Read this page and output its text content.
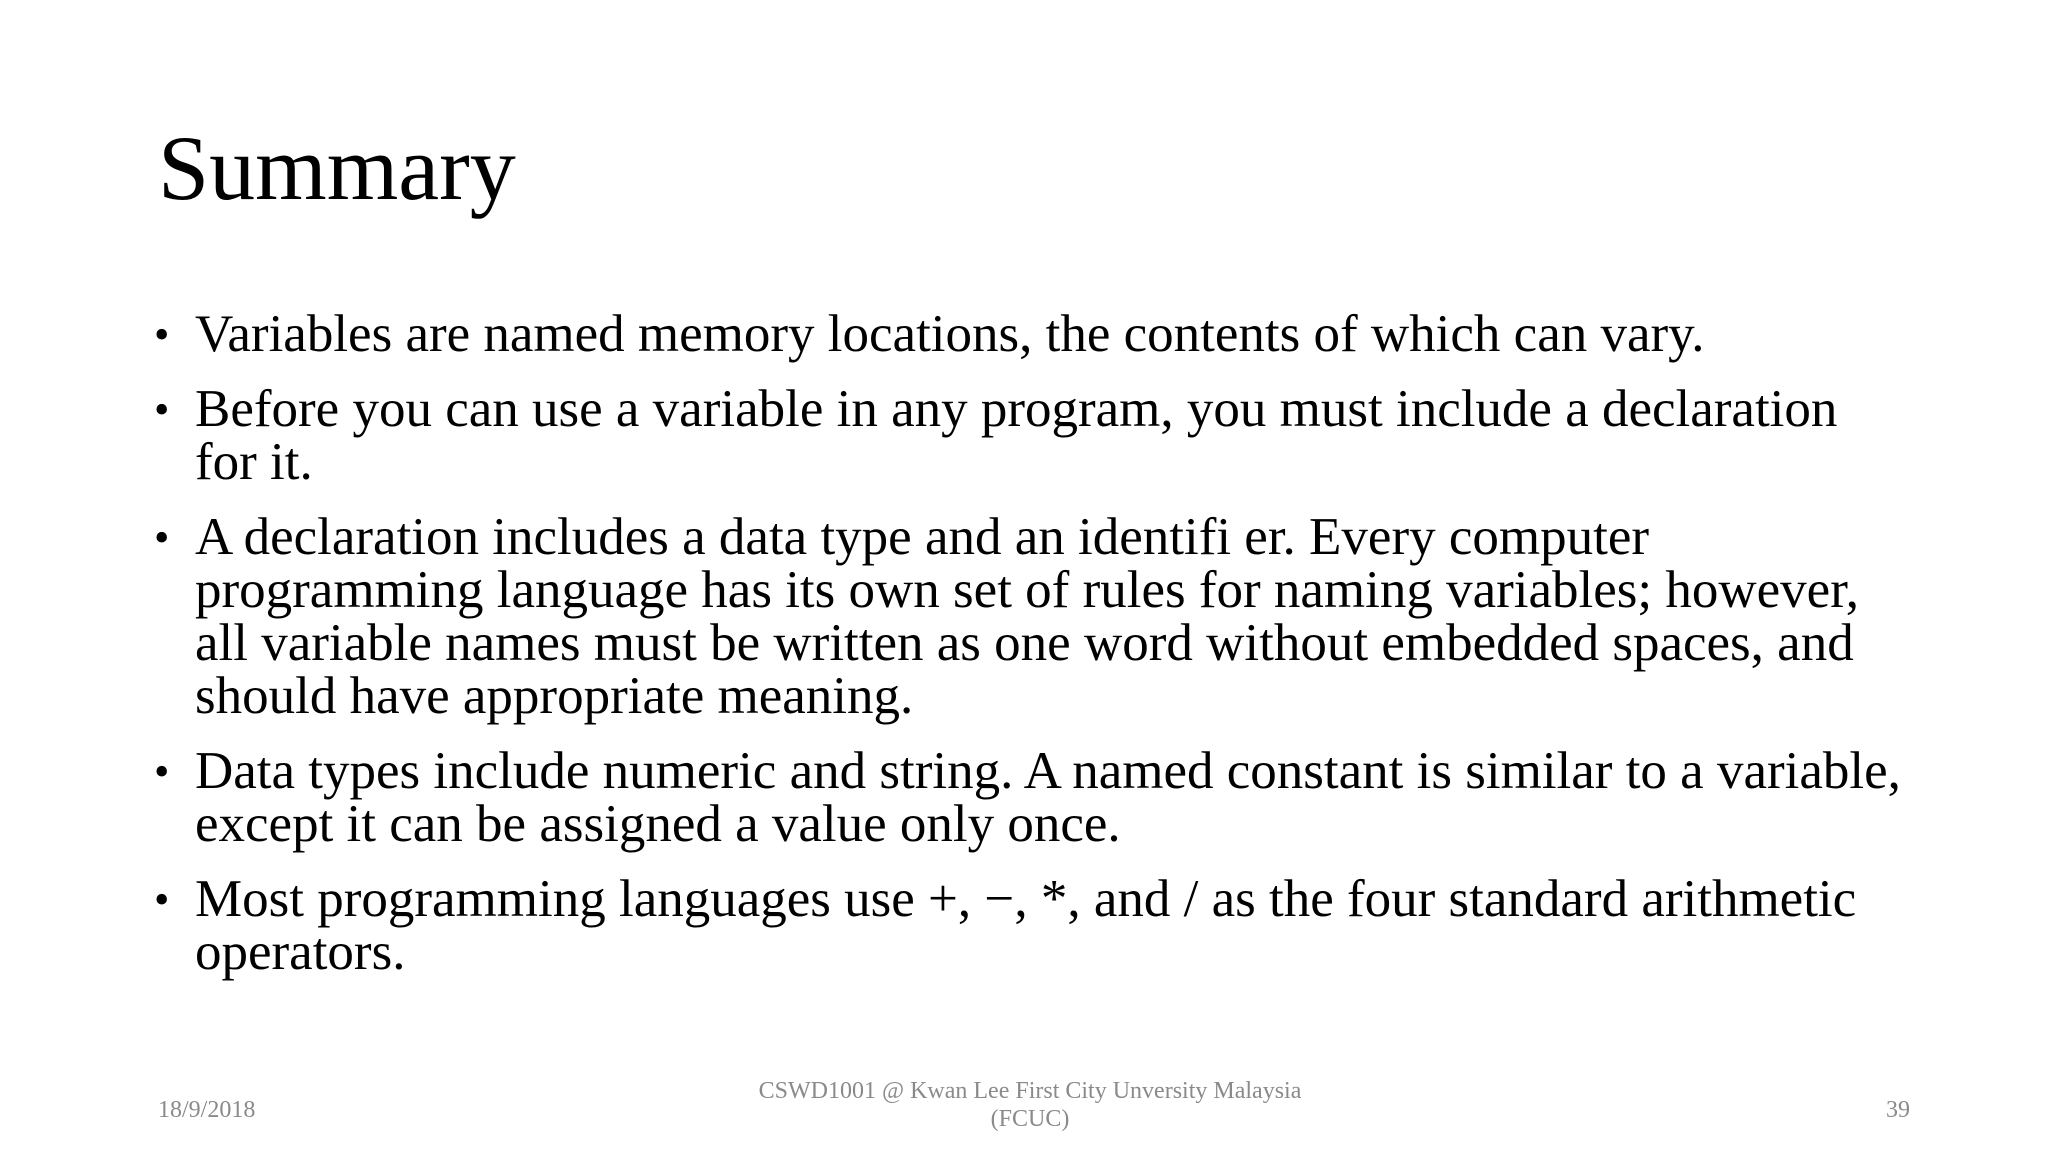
Summary
• Variables are named memory locations, the contents of which can vary.
• Before you can use a variable in any program, you must include a declaration for it.
• A declaration includes a data type and an identifi er. Every computer programming language has its own set of rules for naming variables; however, all variable names must be written as one word without embedded spaces, and should have appropriate meaning.
• Data types include numeric and string. A named constant is similar to a variable, except it can be assigned a value only once.
• Most programming languages use +, −, *, and / as the four standard arithmetic operators.
18/9/2018
CSWD1001 @ Kwan Lee First City Unversity Malaysia
(FCUC)	39
